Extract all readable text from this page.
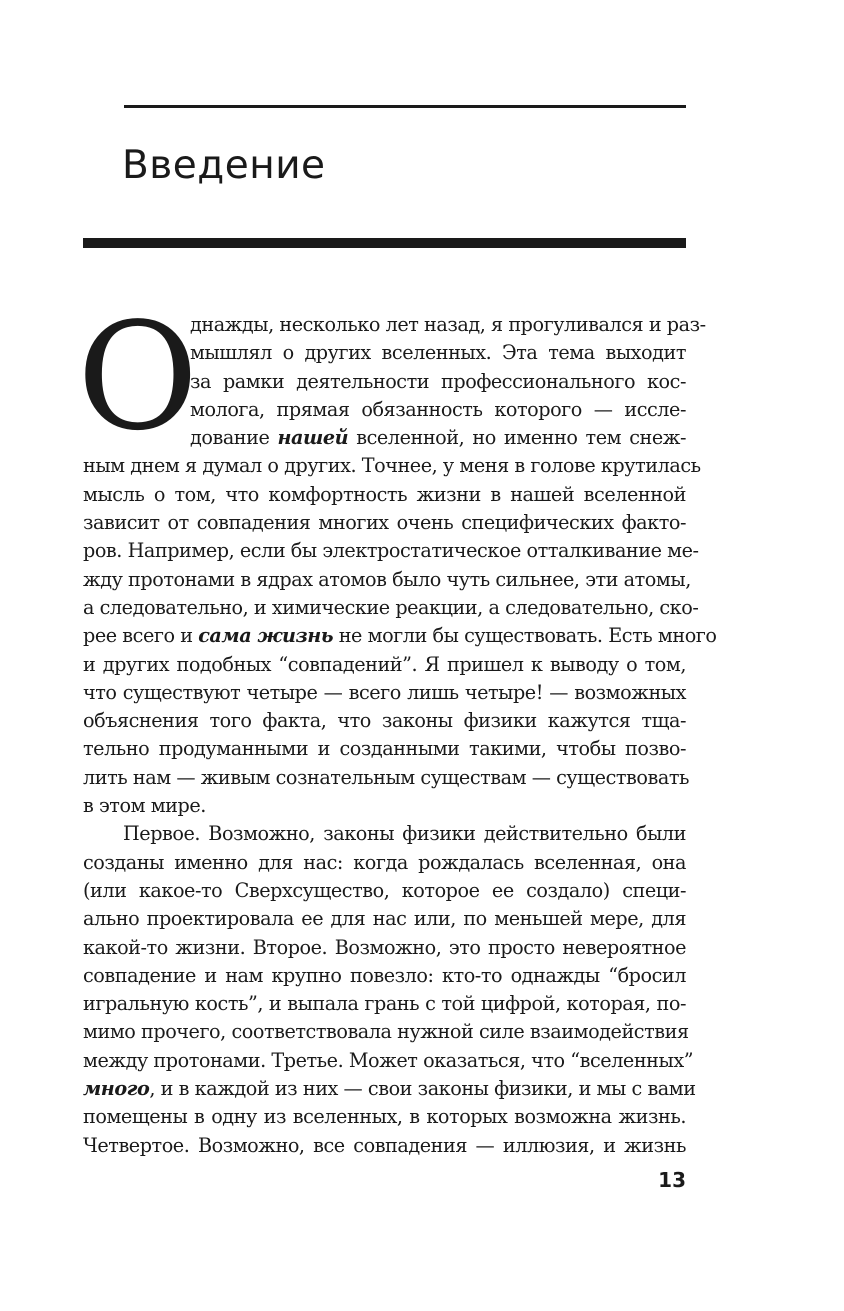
Введение
О
днажды, несколько лет назад, я прогуливался и раз-
мышлял о других вселенных. Эта тема выходит
за рамки деятельности профессионального кос-
молога, прямая обязанность которого — иссле-
дование нашей вселенной, но именно тем снеж-
ным днем я думал о других. Точнее, у меня в голове крутилась
мысль о том, что комфортность жизни в нашей вселенной
зависит от совпадения многих очень специфических факто-
ров. Например, если бы электростатическое отталкивание ме-
жду протонами в ядрах атомов было чуть сильнее, эти атомы,
а следовательно, и химические реакции, а следовательно, ско-
рее всего и сама жизнь не могли бы существовать. Есть много
и других подобных “совпадений”. Я пришел к выводу о том,
что существуют четыре — всего лишь четыре! — возможных
объяснения того факта, что законы физики кажутся тща-
тельно продуманными и созданными такими, чтобы позво-
лить нам — живым сознательным существам — существовать
в этом мире.
Первое. Возможно, законы физики действительно были
созданы именно для нас: когда рождалась вселенная, она
(или какое-то Сверхсущество, которое ее создало) специ-
ально проектировала ее для нас или, по меньшей мере, для
какой-то жизни. Второе. Возможно, это просто невероятное
совпадение и нам крупно повезло: кто-то однажды “бросил
игральную кость”, и выпала грань с той цифрой, которая, по-
мимо прочего, соответствовала нужной силе взаимодействия
между протонами. Третье. Может оказаться, что “вселенных”
много, и в каждой из них — свои законы физики, и мы с вами
помещены в одну из вселенных, в которых возможна жизнь.
Четвертое. Возможно, все совпадения — иллюзия, и жизнь
13
